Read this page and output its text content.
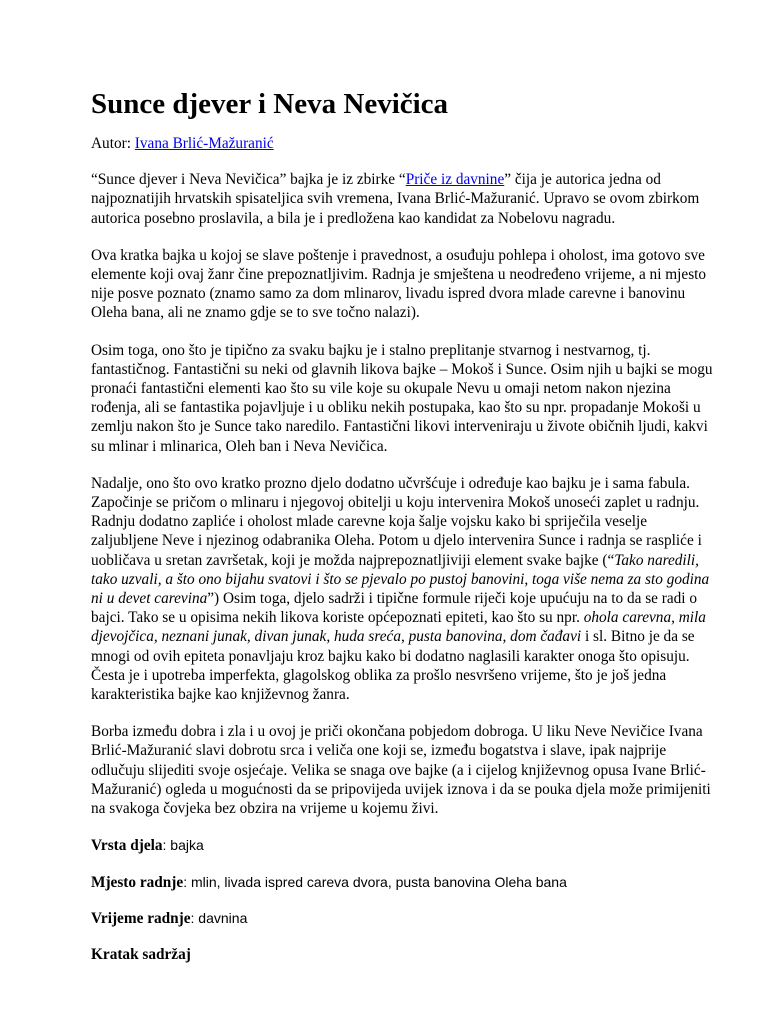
Sunce djever i Neva Nevičica

Autor: Ivana Brlić-Mažuranić

“Sunce djever i Neva Nevičica” bajka je iz zbirke “Priče iz davnine” čija je autorica jedna od najpoznatijih hrvatskih spisateljica svih vremena, Ivana Brlić-Mažuranić. Upravo se ovom zbirkom autorica posebno proslavila, a bila je i predložena kao kandidat za Nobelovu nagradu.

Ova kratka bajka u kojoj se slave poštenje i pravednost, a osuđuju pohlepa i oholost, ima gotovo sve elemente koji ovaj žanr čine prepoznatljivim. Radnja je smještena u neodređeno vrijeme, a ni mjesto nije posve poznato (znamo samo za dom mlinarov, livadu ispred dvora mlade carevne i banovinu Oleha bana, ali ne znamo gdje se to sve točno nalazi).

Osim toga, ono što je tipično za svaku bajku je i stalno preplitanje stvarnog i nestvarnog, tj. fantastičnog. Fantastični su neki od glavnih likova bajke – Mokoš i Sunce. Osim njih u bajki se mogu pronaći fantastični elementi kao što su vile koje su okupale Nevu u omaji netom nakon njezina rođenja, ali se fantastika pojavljuje i u obliku nekih postupaka, kao što su npr. propadanje Mokoši u zemlju nakon što je Sunce tako naredilo. Fantastični likovi interveniraju u živote običnih ljudi, kakvi su mlinar i mlinarica, Oleh ban i Neva Nevičica.

Nadalje, ono što ovo kratko prozno djelo dodatno učvršćuje i određuje kao bajku je i sama fabula. Započinje se pričom o mlinaru i njegovoj obitelji u koju intervenira Mokoš unoseći zaplet u radnju. Radnju dodatno zapliće i oholost mlade carevne koja šalje vojsku kako bi spriječila veselje zaljubljene Neve i njezinog odabranika Oleha. Potom u djelo intervenira Sunce i radnja se raspliće i uobličava u sretan završetak, koji je možda najprepoznatljiviji element svake bajke (“Tako naredili, tako uzvali, a što ono bijahu svatovi i što se pjevalo po pustoj banovini, toga više nema za sto godina ni u devet carevina”) Osim toga, djelo sadrži i tipične formule riječi koje upućuju na to da se radi o bajci. Tako se u opisima nekih likova koriste općepoznati epiteti, kao što su npr. ohola carevna, mila djevojčica, neznani junak, divan junak, huda sreća, pusta banovina, dom čađavi i sl. Bitno je da se mnogi od ovih epiteta ponavljaju kroz bajku kako bi dodatno naglasili karakter onoga što opisuju. Česta je i upotreba imperfekta, glagolskog oblika za prošlo nesvršeno vrijeme, što je još jedna karakteristika bajke kao književnog žanra.

Borba između dobra i zla i u ovoj je priči okončana pobjedom dobroga. U liku Neve Nevičice Ivana Brlić-Mažuranić slavi dobrotu srca i veliča one koji se, između bogatstva i slave, ipak najprije odlučuju slijediti svoje osjećaje. Velika se snaga ove bajke (a i cijelog književnog opusa Ivane Brlić-Mažuranić) ogleda u mogućnosti da se pripovijeda uvijek iznova i da se pouka djela može primijeniti na svakoga čovjeka bez obzira na vrijeme u kojemu živi.

Vrsta djela: bajka

Mjesto radnje: mlin, livada ispred careva dvora, pusta banovina Oleha bana

Vrijeme radnje: davnina

Kratak sadržaj
